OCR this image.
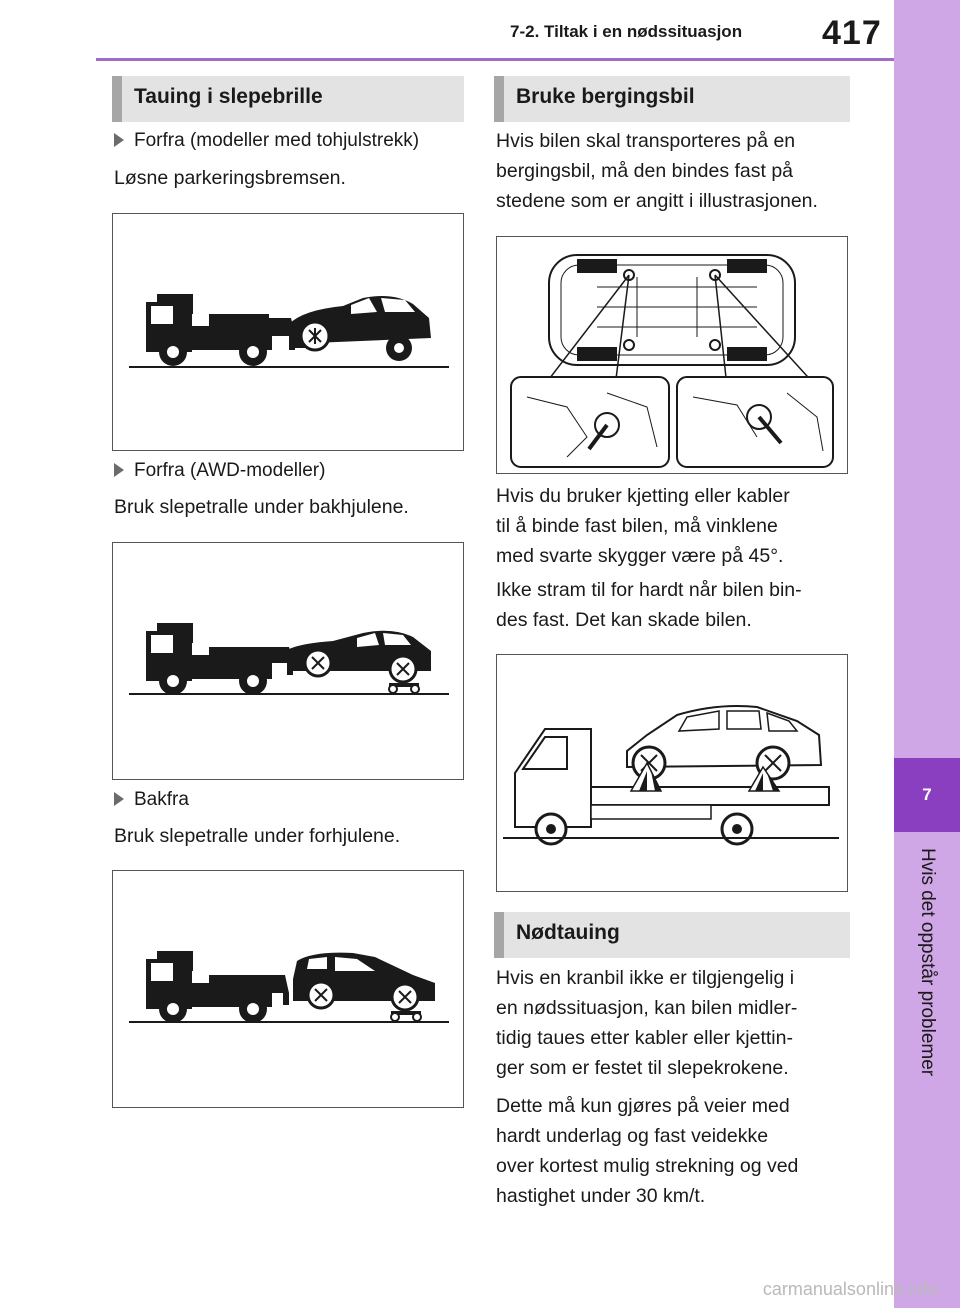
7-2. Tiltak i en nødssituasjon 417
7
Hvis det oppstår problemer
Tauing i slepebrille
Forfra (modeller med tohjulstrekk)
Løsne parkeringsbremsen.
Forfra (AWD-modeller)
Bruk slepetralle under bakhjulene.
Bakfra
Bruk slepetralle under forhjulene.
Bruke bergingsbil
Hvis bilen skal transporteres på en
bergingsbil, må den bindes fast på
stedene som er angitt i illustrasjonen.
Hvis du bruker kjetting eller kabler
til å binde fast bilen, må vinklene
med svarte skygger være på 45°.
Ikke stram til for hardt når bilen bin-
des fast. Det kan skade bilen.
Nødtauing
Hvis en kranbil ikke er tilgjengelig i
en nødssituasjon, kan bilen midler-
tidig taues etter kabler eller kjettin-
ger som er festet til slepekrokene.
Dette må kun gjøres på veier med
hardt underlag og fast veidekke
over kortest mulig strekning og ved
hastighet under 30 km/t.
carmanualsonline.info
